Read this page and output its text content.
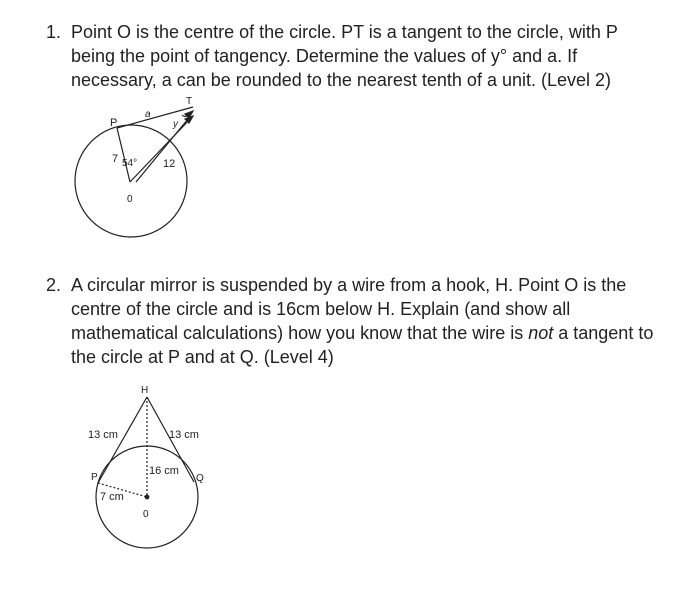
1. Point O is the centre of the circle. PT is a tangent to the circle, with P being the point of tangency. Determine the values of y° and a. If necessary, a can be rounded to the nearest tenth of a unit. (Level 2)
2. A circular mirror is suspended by a wire from a hook, H. Point O is the centre of the circle and is 16cm below H. Explain (and show all mathematical calculations) how you know that the wire is not a tangent to the circle at P and at Q. (Level 4)
P
T
a
y
7 54° 12
0
H
13 cm	13 cm
16 cm
P	Q
7 cm
0
